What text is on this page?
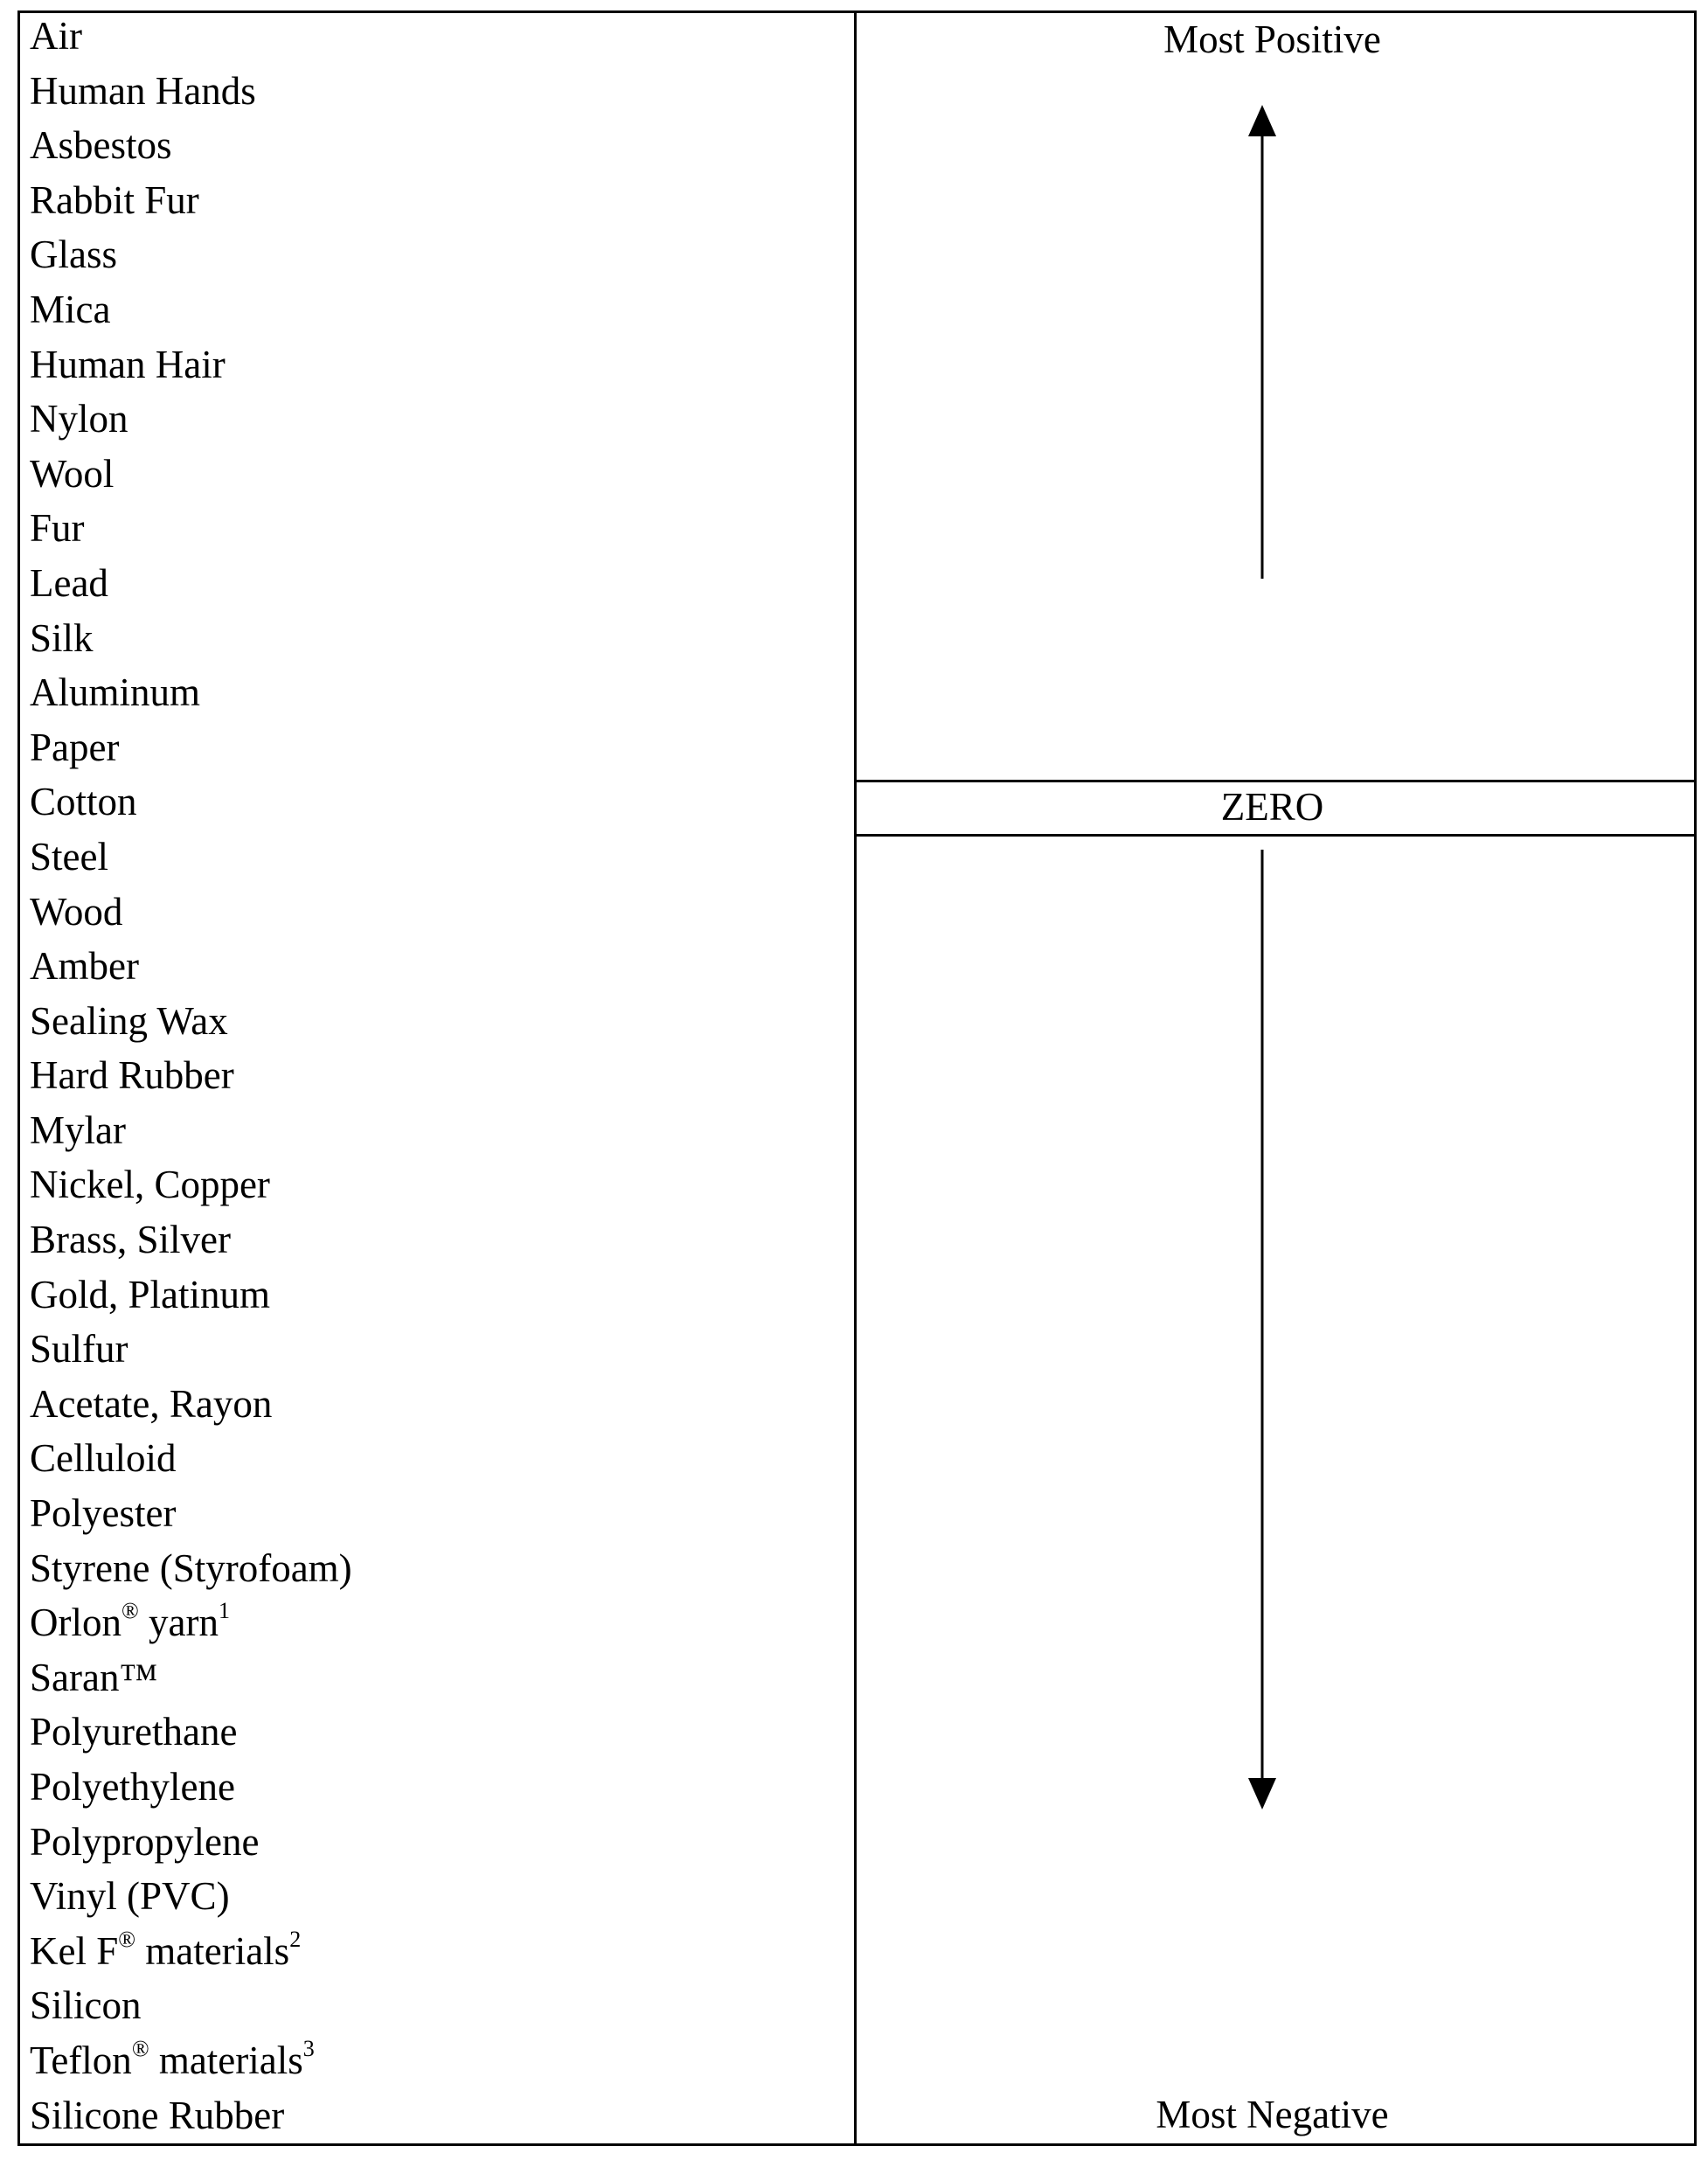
Air
Human Hands
Asbestos
Rabbit Fur
Glass
Mica
Human Hair
Nylon
Wool
Fur
Lead
Silk
Aluminum
Paper
Cotton
Steel
Wood
Amber
Sealing Wax
Hard Rubber
Mylar
Nickel, Copper
Brass, Silver
Gold, Platinum
Sulfur
Acetate, Rayon
Celluloid
Polyester
Styrene (Styrofoam)
Orlon® yarn$^1$
Saran™
Polyurethane
Polyethylene
Polypropylene
Vinyl (PVC)
Kel F® materials$^2$
Silicon
Teflon® materials$^3$
Silicone Rubber
Most Positive
ZERO
Most Negative
